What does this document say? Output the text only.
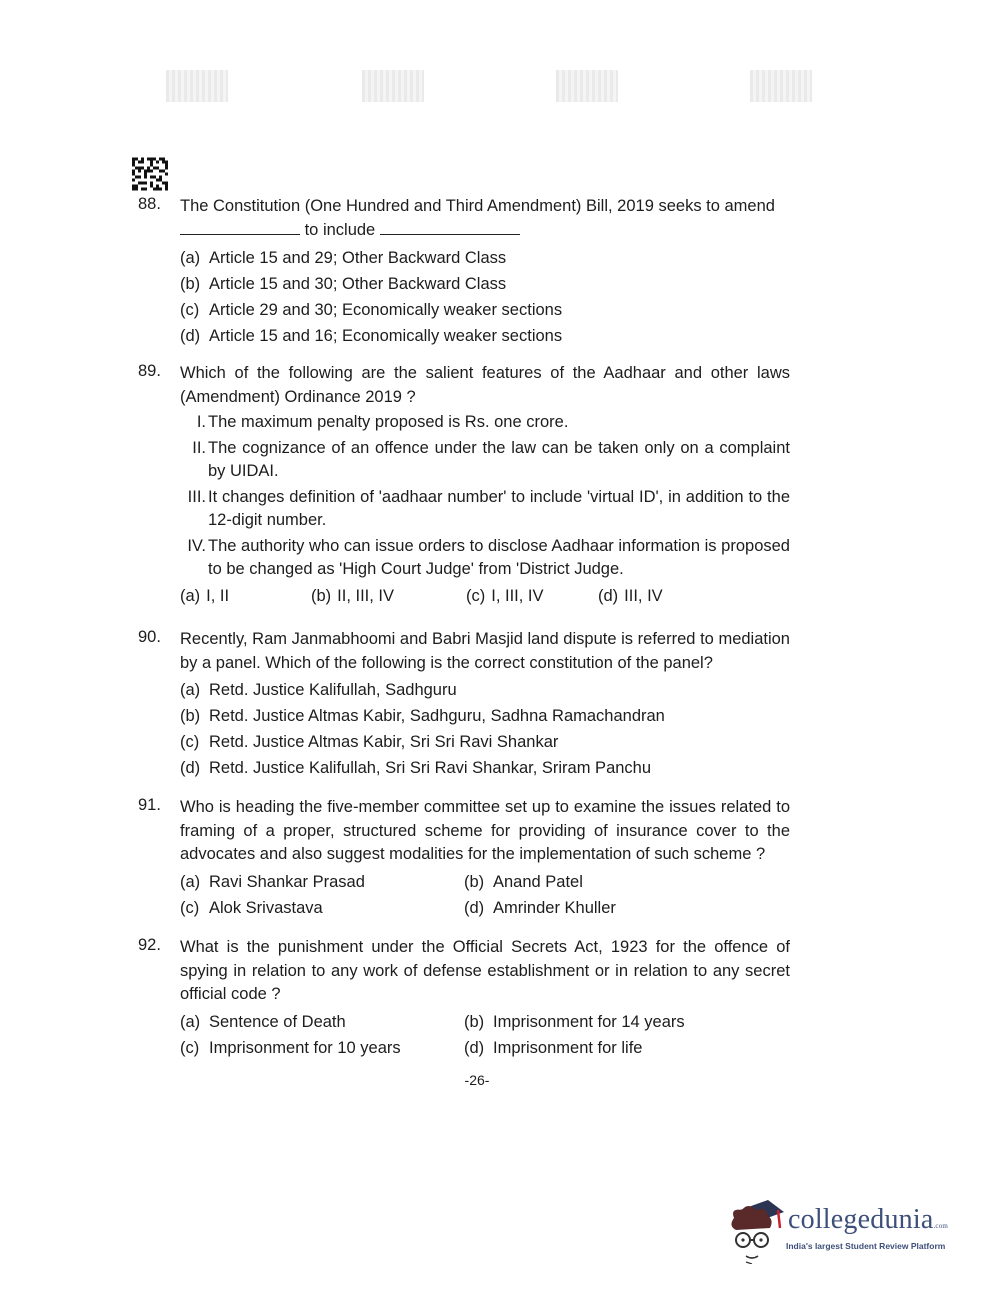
88.	The Constitution (One Hundred and Third Amendment) Bill, 2019 seeks to amend
to include
(a) Article 15 and 29; Other Backward Class
(b) Article 15 and 30; Other Backward Class
(c) Article 29 and 30; Economically weaker sections
(d) Article 15 and 16; Economically weaker sections
89.	Which of the following are the salient features of the Aadhaar and other laws (Amendment) Ordinance 2019 ?
I. The maximum penalty proposed is Rs. one crore.
II. The cognizance of an offence under the law can be taken only on a complaint by UIDAI.
III. It changes definition of 'aadhaar number' to include 'virtual ID', in addition to the 12-digit number.
IV. The authority who can issue orders to disclose Aadhaar information is proposed to be changed as 'High Court Judge' from 'District Judge.
(a) I, II	(b) II, III, IV	(c) I, III, IV	(d) III, IV
90.	Recently, Ram Janmabhoomi and Babri Masjid land dispute is referred to mediation by a panel. Which of the following is the correct constitution of the panel?
(a) Retd. Justice Kalifullah, Sadhguru
(b) Retd. Justice Altmas Kabir, Sadhguru, Sadhna Ramachandran
(c) Retd. Justice Altmas Kabir, Sri Sri Ravi Shankar
(d) Retd. Justice Kalifullah, Sri Sri Ravi Shankar, Sriram Panchu
91.	Who is heading the five-member committee set up to examine the issues related to framing of a proper, structured scheme for providing of insurance cover to the advocates and also suggest modalities for the implementation of such scheme ?
(a) Ravi Shankar Prasad	(b) Anand Patel
(c) Alok Srivastava	(d) Amrinder Khuller
92.	What is the punishment under the Official Secrets Act, 1923 for the offence of spying in relation to any work of defense establishment or in relation to any secret official code ?
(a) Sentence of Death	(b) Imprisonment for 14 years
(c) Imprisonment for 10 years	(d) Imprisonment for life
-26-
collegedunia.com
India's largest Student Review Platform
